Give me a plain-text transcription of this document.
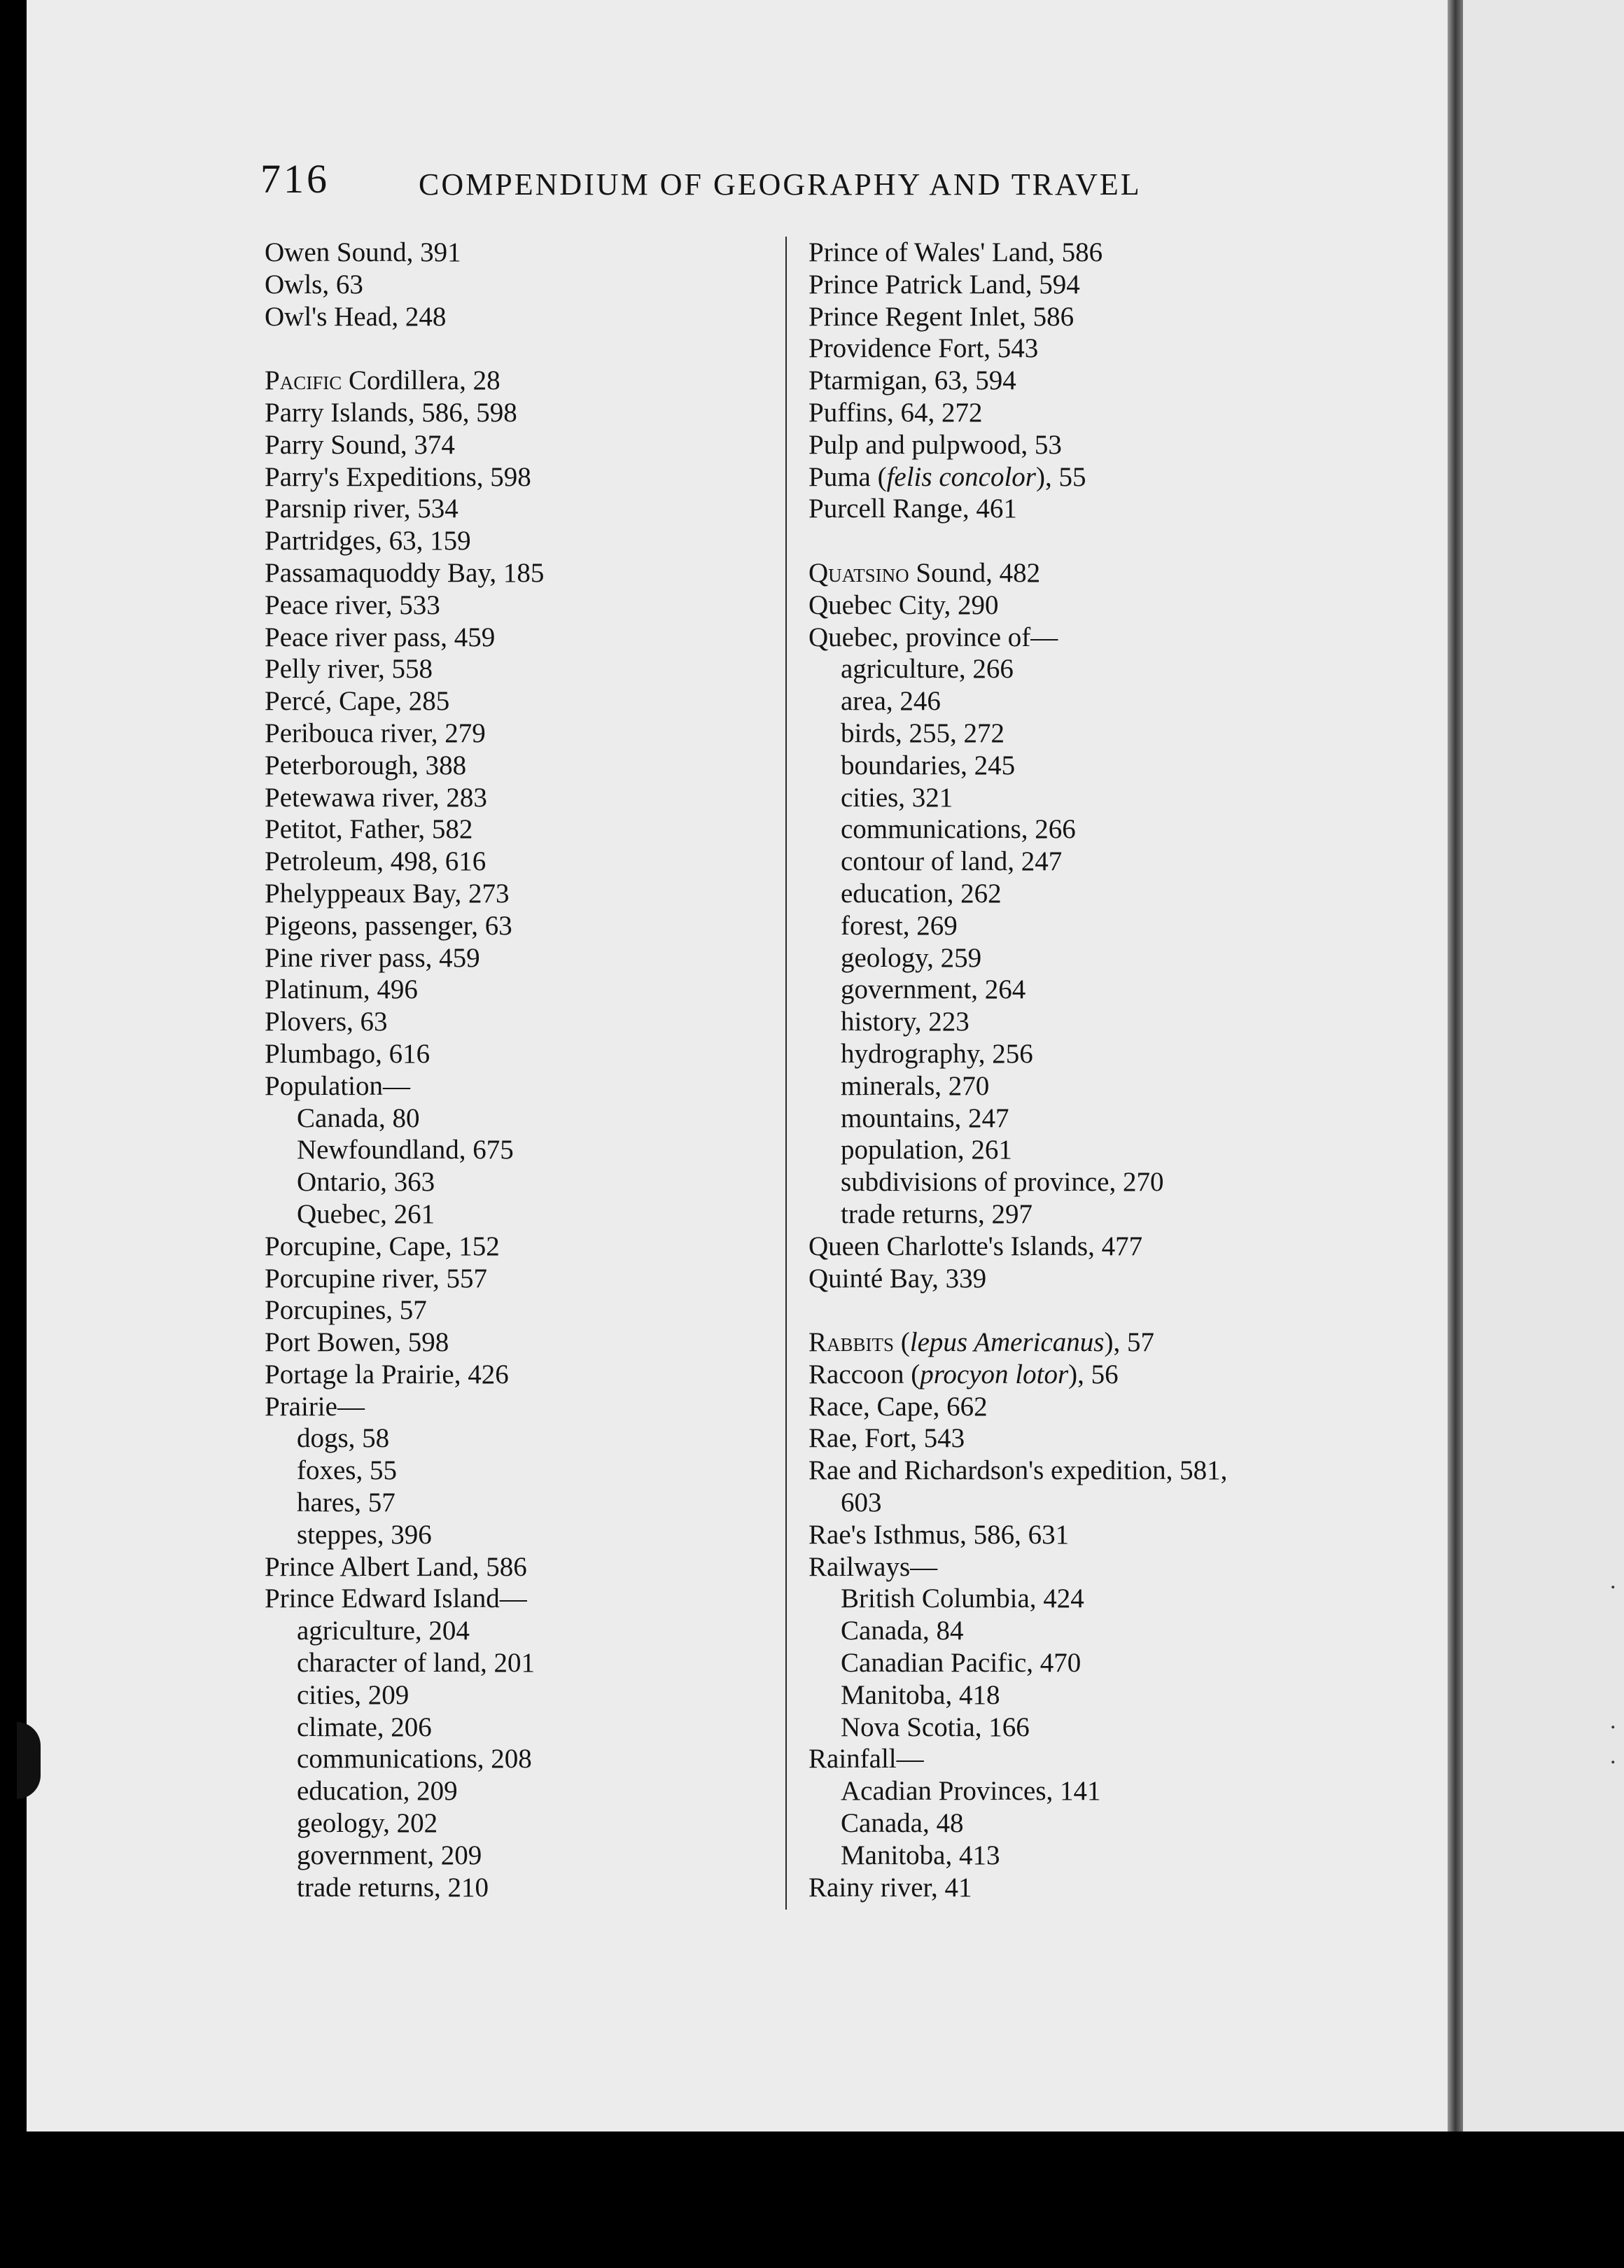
.
.
.
716	COMPENDIUM OF GEOGRAPHY AND TRAVEL
Owen Sound, 391
Owls, 63
Owl's Head, 248
Pacific Cordillera, 28
Parry Islands, 586, 598
Parry Sound, 374
Parry's Expeditions, 598
Parsnip river, 534
Partridges, 63, 159
Passamaquoddy Bay, 185
Peace river, 533
Peace river pass, 459
Pelly river, 558
Percé, Cape, 285
Peribouca river, 279
Peterborough, 388
Petewawa river, 283
Petitot, Father, 582
Petroleum, 498, 616
Phelyppeaux Bay, 273
Pigeons, passenger, 63
Pine river pass, 459
Platinum, 496
Plovers, 63
Plumbago, 616
Population—
Canada, 80
Newfoundland, 675
Ontario, 363
Quebec, 261
Porcupine, Cape, 152
Porcupine river, 557
Porcupines, 57
Port Bowen, 598
Portage la Prairie, 426
Prairie—
dogs, 58
foxes, 55
hares, 57
steppes, 396
Prince Albert Land, 586
Prince Edward Island—
agriculture, 204
character of land, 201
cities, 209
climate, 206
communications, 208
education, 209
geology, 202
government, 209
trade returns, 210
Prince of Wales' Land, 586
Prince Patrick Land, 594
Prince Regent Inlet, 586
Providence Fort, 543
Ptarmigan, 63, 594
Puffins, 64, 272
Pulp and pulpwood, 53
Puma (felis concolor), 55
Purcell Range, 461
Quatsino Sound, 482
Quebec City, 290
Quebec, province of—
agriculture, 266
area, 246
birds, 255, 272
boundaries, 245
cities, 321
communications, 266
contour of land, 247
education, 262
forest, 269
geology, 259
government, 264
history, 223
hydrography, 256
minerals, 270
mountains, 247
population, 261
subdivisions of province, 270
trade returns, 297
Queen Charlotte's Islands, 477
Quinté Bay, 339
Rabbits (lepus Americanus), 57
Raccoon (procyon lotor), 56
Race, Cape, 662
Rae, Fort, 543
Rae and Richardson's expedition, 581,
603
Rae's Isthmus, 586, 631
Railways—
British Columbia, 424
Canada, 84
Canadian Pacific, 470
Manitoba, 418
Nova Scotia, 166
Rainfall—
Acadian Provinces, 141
Canada, 48
Manitoba, 413
Rainy river, 41
